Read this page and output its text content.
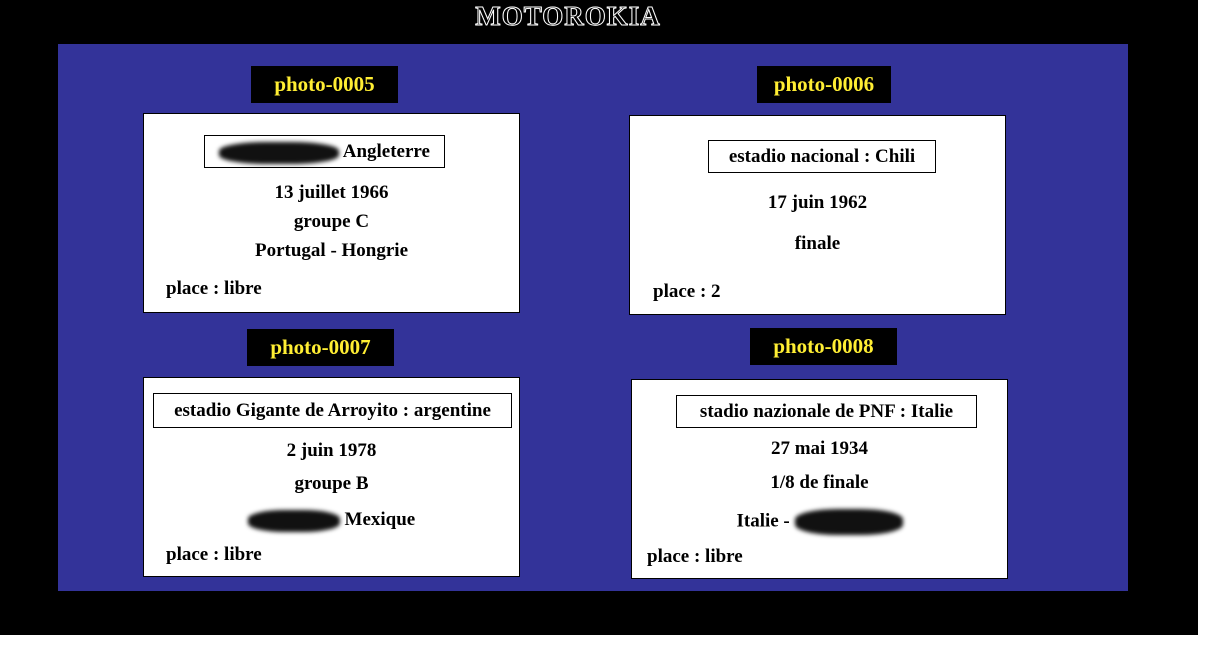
MOTOROKIA
photo-0005
Angleterre
13 juillet 1966
groupe C
Portugal - Hongrie
place : libre
photo-0006
estadio nacional : Chili
17 juin 1962
finale
place : 2
photo-0007
estadio Gigante de Arroyito : argentine
2 juin 1978
groupe B
Mexique
place : libre
photo-0008
stadio nazionale de PNF : Italie
27 mai 1934
1/8 de finale
Italie -
place : libre
